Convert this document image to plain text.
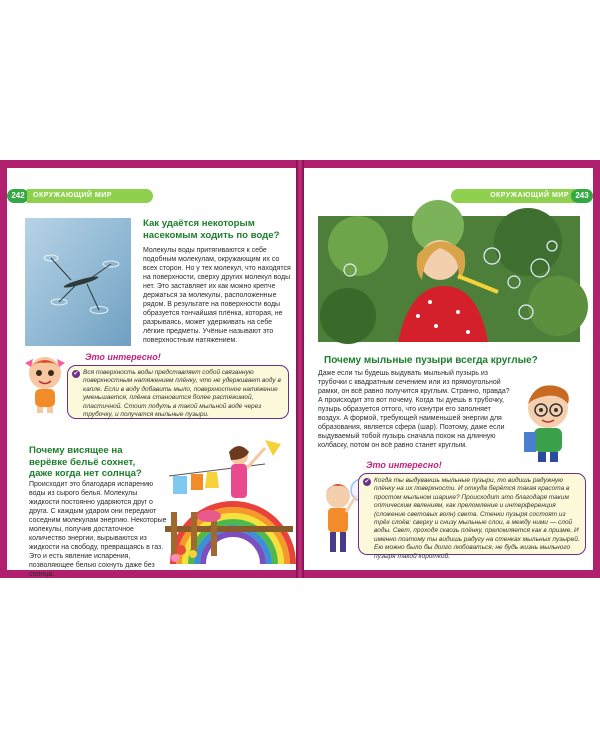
Как удаётся некоторым насекомым ходить по воде?

Молекулы воды притягиваются к себе подобным молекулам, окружающим их со всех сторон. Но у тех молекул, что находятся на поверхности, сверху других молекул воды нет. Это заставляет их как можно крепче держаться за молекулы, расположенные рядом. В результате на поверхности воды образуется тончайшая плёнка, которая, не разрываясь, может удерживать на себе лёгкие предметы. Учёные называют это поверхностным натяжением.

Это интересно!
✔ Вся поверхность воды представляет собой связанную поверхностным натяжением плёнку, что не удерживает воду в капле. Если в воду добавить мыло, поверхностное натяжение уменьшается, плёнка становится более растяжимой, пластичной. Стоит подуть в такой мыльной воде через трубочку, и получатся мыльные пузыри.

Почему висящее на верёвке бельё сохнет, даже когда нет солнца?

Происходит это благодаря испарению воды из сырого белья. Молекулы жидкости постоянно ударяются друг о друга. С каждым ударом они передают соседним молекулам энергию. Некоторые молекулы, получив достаточное количество энергии, вырываются из жидкости на свободу, превращаясь в газ. Это и есть явление испарения, позволяющее белью сохнуть даже без солнца.

Почему мыльные пузыри всегда круглые?

Даже если ты будешь выдувать мыльный пузырь из трубочки с квадратным сечением или из прямоугольной рамки, он всё равно получится круглым. Странно, правда? А происходит это вот почему. Когда ты дуешь в трубочку, пузырь образуется оттого, что изнутри его заполняет воздух. А формой, требующей наименьшей энергии для образования, является сфера (шар). Поэтому, даже если выдуваемый тобой пузырь сначала похож на длинную колбаску, потом он всё равно станет круглым.

Это интересно!
✔ Когда ты выдуваешь мыльные пузыри, то видишь радужную плёнку на их поверхности. И откуда берётся такая красота в простом мыльном шарике? Происходит это благодаря таким оптическим явлениям, как преломление и интерференция (сложение световых волн) света. Стенки пузыря состоят из трёх слоёв: сверху и снизу мыльные слои, а между ними — слой воды. Свет, проходя сквозь плёнку, преломляется как в призме. И именно поэтому ты видишь радугу на стенках мыльных пузырей. Ею можно было бы долго любоваться, не будь жизнь мыльного пузыря такой короткой.

242	ОКРУЖАЮЩИЙ МИР	ОКРУЖАЮЩИЙ МИР 243
